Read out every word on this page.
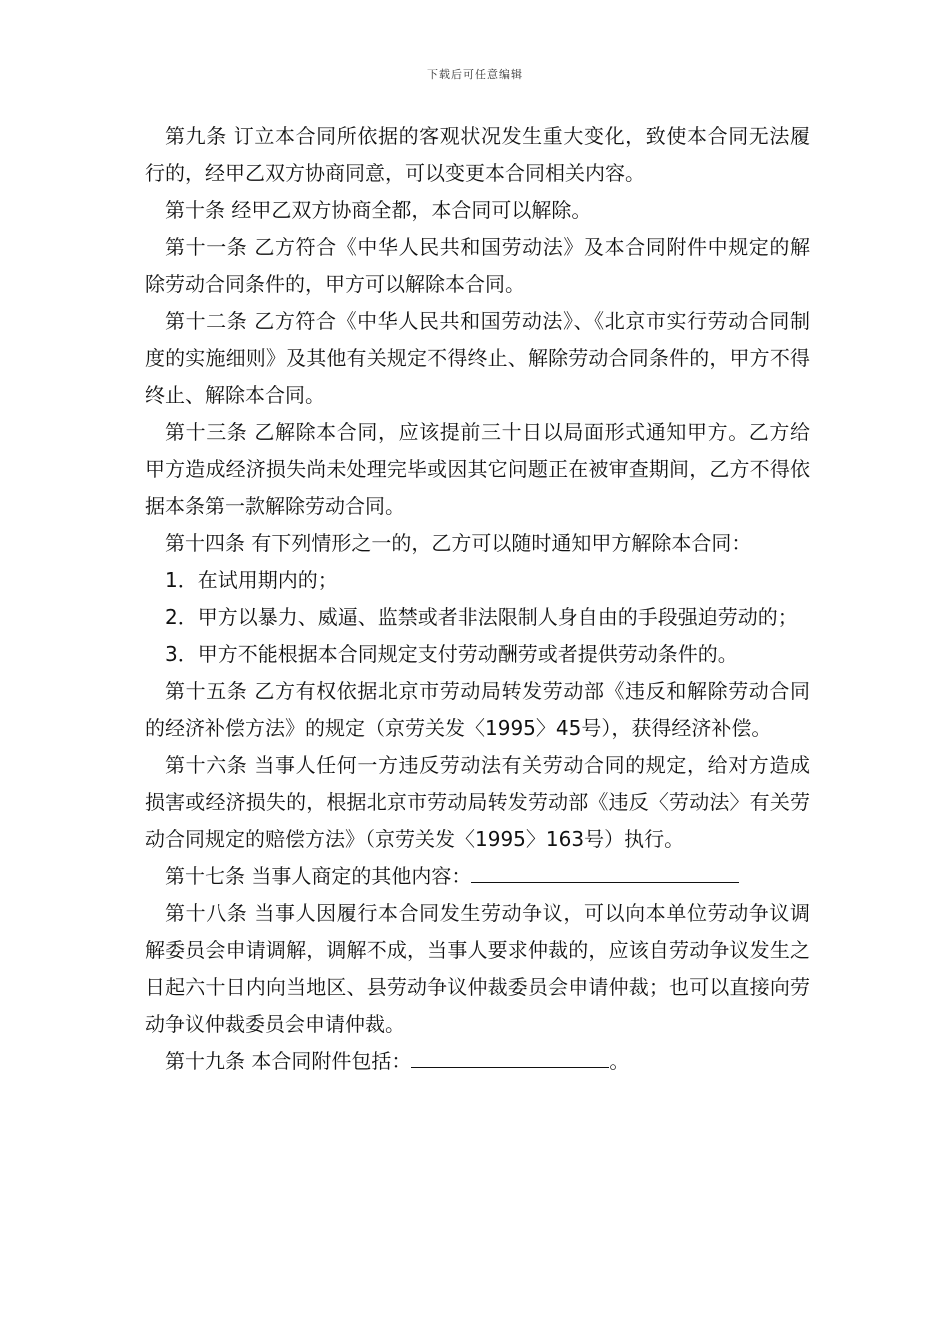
下载后可任意编辑

第九条 订立本合同所依据的客观状况发生重大变化，致使本合同无法履行的，经甲乙双方协商同意，可以变更本合同相关内容。

第十条 经甲乙双方协商全都，本合同可以解除。

第十一条 乙方符合《中华人民共和国劳动法》及本合同附件中规定的解除劳动合同条件的，甲方可以解除本合同。

第十二条 乙方符合《中华人民共和国劳动法》、《北京市实行劳动合同制度的实施细则》及其他有关规定不得终止、解除劳动合同条件的，甲方不得终止、解除本合同。

第十三条 乙解除本合同，应该提前三十日以局面形式通知甲方。乙方给甲方造成经济损失尚未处理完毕或因其它问题正在被审查期间，乙方不得依据本条第一款解除劳动合同。

第十四条 有下列情形之一的，乙方可以随时通知甲方解除本合同：

1．在试用期内的；

2．甲方以暴力、威逼、监禁或者非法限制人身自由的手段强迫劳动的；

3．甲方不能根据本合同规定支付劳动酬劳或者提供劳动条件的。

第十五条 乙方有权依据北京市劳动局转发劳动部《违反和解除劳动合同的经济补偿方法》的规定（京劳关发〈1995〉45号），获得经济补偿。

第十六条 当事人任何一方违反劳动法有关劳动合同的规定，给对方造成损害或经济损失的，根据北京市劳动局转发劳动部《违反〈劳动法〉有关劳动合同规定的赔偿方法》（京劳关发〈1995〉163号）执行。

第十七条 当事人商定的其他内容：

第十八条 当事人因履行本合同发生劳动争议，可以向本单位劳动争议调解委员会申请调解，调解不成，当事人要求仲裁的，应该自劳动争议发生之日起六十日内向当地区、县劳动争议仲裁委员会申请仲裁；也可以直接向劳动争议仲裁委员会申请仲裁。

第十九条 本合同附件包括：	。
